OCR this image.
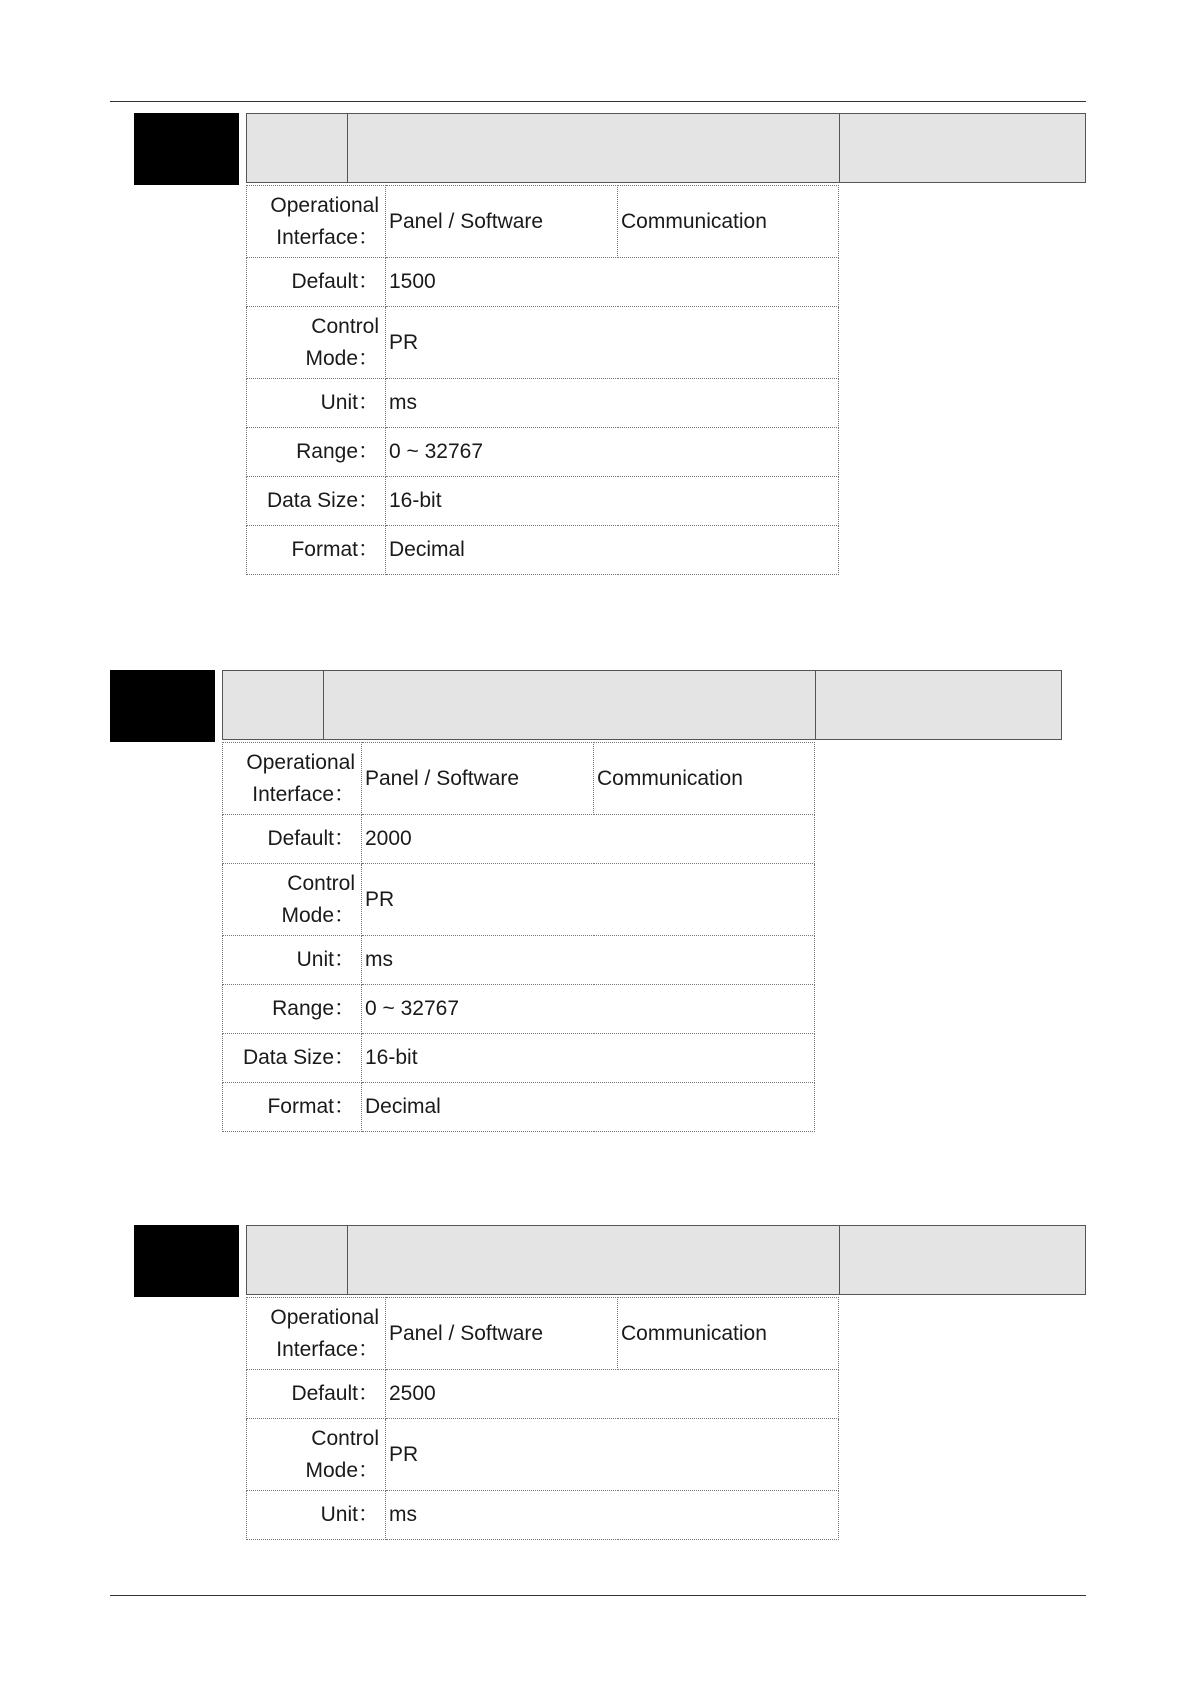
Operational Interface：	Panel / Software	Communication
Default：	1500	
Control Mode：	PR	
Unit：	ms	
Range：	0 ~ 32767	
Data Size：	16-bit	
Format：	Decimal	
Operational Interface：	Panel / Software	Communication
Default：	2000	
Control Mode：	PR	
Unit：	ms	
Range：	0 ~ 32767	
Data Size：	16-bit	
Format：	Decimal	
Operational Interface：	Panel / Software	Communication
Default：	2500	
Control Mode：	PR	
Unit：	ms	
